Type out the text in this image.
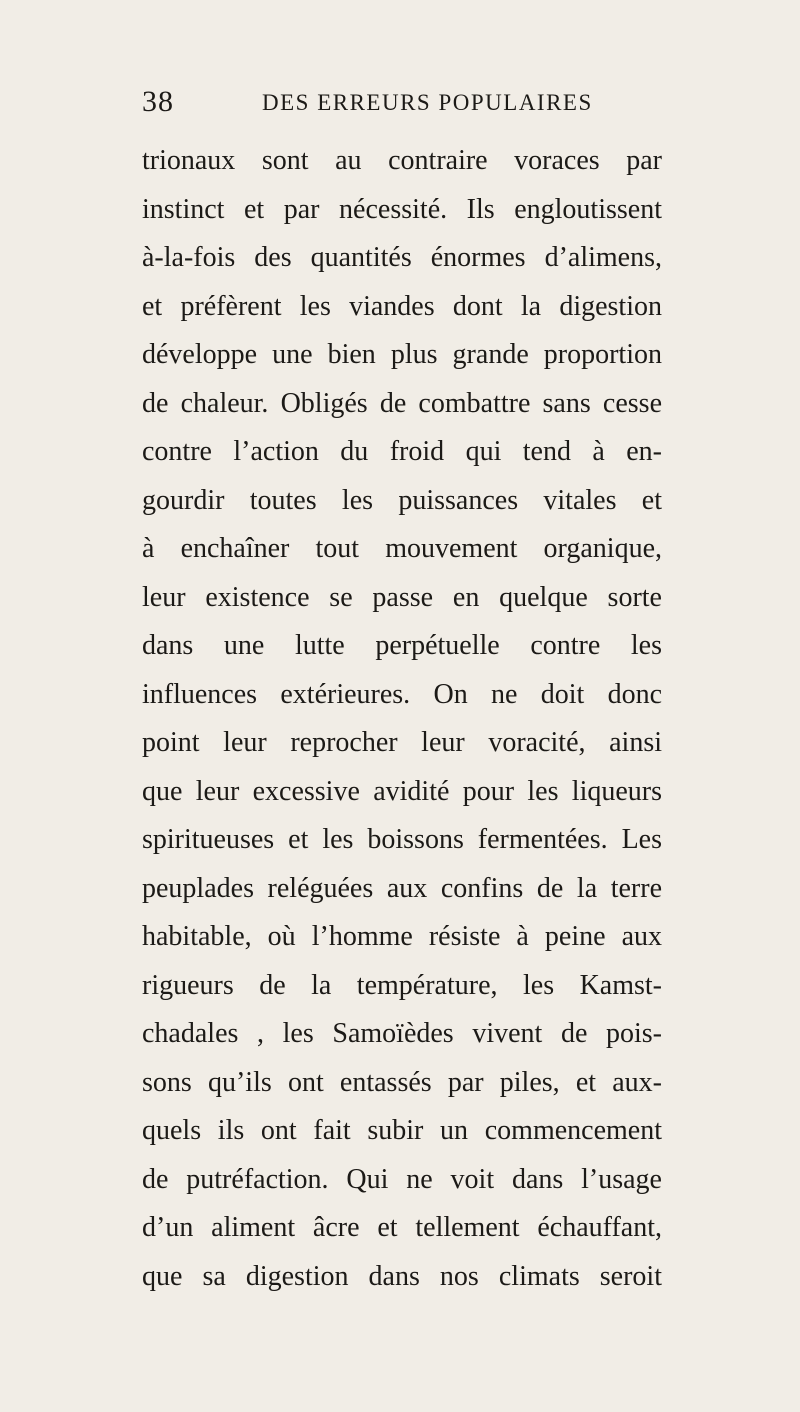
38	DES ERREURS POPULAIRES
trionaux sont au contraire voraces par
instinct et par nécessité. Ils engloutissent
à-la-fois des quantités énormes d’alimens,
et préfèrent les viandes dont la digestion
développe une bien plus grande proportion
de chaleur. Obligés de combattre sans cesse
contre l’action du froid qui tend à en-
gourdir toutes les puissances vitales et
à enchaîner tout mouvement organique,
leur existence se passe en quelque sorte
dans une lutte perpétuelle contre les
influences extérieures. On ne doit donc
point leur reprocher leur voracité, ainsi
que leur excessive avidité pour les liqueurs
spiritueuses et les boissons fermentées. Les
peuplades reléguées aux confins de la terre
habitable, où l’homme résiste à peine aux
rigueurs de la température, les Kamst-
chadales , les Samoïèdes vivent de pois-
sons qu’ils ont entassés par piles, et aux-
quels ils ont fait subir un commencement
de putréfaction. Qui ne voit dans l’usage
d’un aliment âcre et tellement échauffant,
que sa digestion dans nos climats seroit
